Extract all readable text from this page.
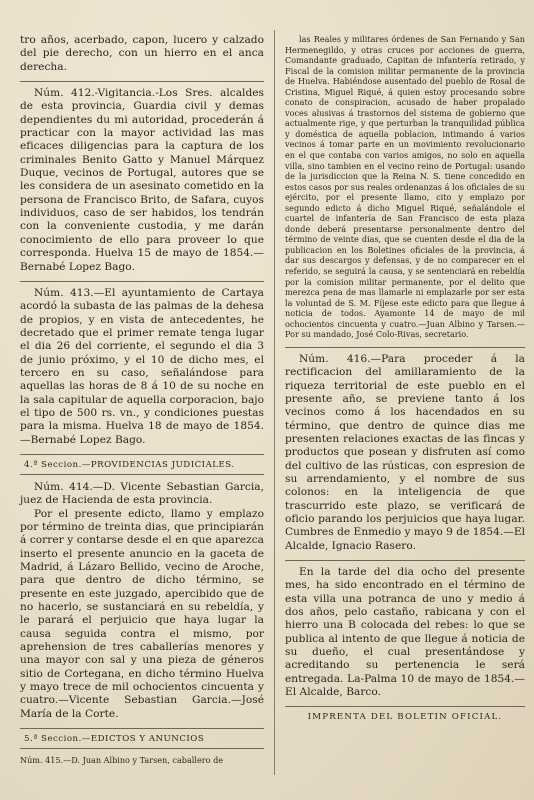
tro años, acerbado, capon, lucero y calzado del pie derecho, con un hierro en el anca derecha.

Núm. 412.-Vigitancia.-Los Sres. alcaldes de esta provincia, Guardia civil y demas dependientes du mi autoridad, procederán á practicar con la mayor actividad las mas eficaces diligencias para la captura de los criminales Benito Gatto y Manuel Márquez Duque, vecinos de Portugal, autores que se les considera de un asesinato cometido en la persona de Francisco Brito, de Safara, cuyos individuos, caso de ser habidos, los tendrán con la conveniente custodia, y me darán conocimiento de ello para proveer lo que corresponda. Huelva 15 de mayo de 1854.—Bernabé Lopez Bago.

Núm. 413.—El ayuntamiento de Cartaya acordó la subasta de las palmas de la dehesa de propios, y en vista de antecedentes, he decretado que el primer remate tenga lugar el dia 26 del corriente, el segundo el dia 3 de junio próximo, y el 10 de dicho mes, el tercero en su caso, señalándose para aquellas las horas de 8 á 10 de su noche en la sala capitular de aquella corporacion, bajo el tipo de 500 rs. vn., y condiciones puestas para la misma. Huelva 18 de mayo de 1854.—Bernabé Lopez Bago.

4.ª Seccion.—PROVIDENCIAS JUDICIALES.

Núm. 414.—D. Vicente Sebastian Garcia, juez de Hacienda de esta provincia.

Por el presente edicto, llamo y emplazo por término de treinta dias, que principiarán á correr y contarse desde el en que aparezca inserto el presente anuncio en la gaceta de Madrid, á Lázaro Bellido, vecino de Aroche, para que dentro de dicho término, se presente en este juzgado, apercibido que de no hacerlo, se sustanciará en su rebeldía, y le parará el perjuicio que haya lugar la causa seguida contra el mismo, por aprehension de tres caballerías menores y una mayor con sal y una pieza de géneros sitio de Cortegana, en dicho término Huelva y mayo trece de mil ochocientos cincuenta y cuatro.—Vicente Sebastian Garcia.—José María de la Corte.

5.ª Seccion.—EDICTOS Y ANUNCIOS

Núm. 415.—D. Juan Albino y Tarsen, caballero de

las Reales y militares órdenes de San Fernando y San Hermenegildo, y otras cruces por acciones de guerra, Comandante graduado, Capitan de infantería retirado, y Fiscal de la comision militar permanente de la provincia de Huelva. Habiéndose ausentado del pueblo de Rosal de Cristina, Miguel Riqué, á quien estoy procesando sobre conato de conspiracion, acusado de haber propalado voces alusivas á trastornos del sistema de gobierno que actualmente rige, y que perturban la tranquilidad pública y doméstica de aquella poblacion, intimando á varios vecinos á tomar parte en un movimiento revolucionario en el que contaba con varios amigos, no solo en aquella villa, sino tambien en el vecino reino de Portugal: usando de la jurisdiccion que la Reina N. S. tiene concedido en estos casos por sus reales ordenanzas á los oficiales de su ejército, por el presente llamo, cito y emplazo por segundo edicto á dicho Miguel Riqué, señalándole el cuartel de infantería de San Francisco de esta plaza donde deberá presentarse personalmente dentro del término de veinte dias, que se cuenten desde el dia de la publicacion en los Boletines oficiales de la provincia, á dar sus descargos y defensas, y de no comparecer en el referido, se seguirá la causa, y se sentenciará en rebeldía por la comision militar permanente, por el delito que merezca pena de mas llamarle ni emplazarle por ser esta la voluntad de S. M. Fíjese este edicto para que llegue á noticia de todos. Ayamonte 14 de mayo de mil ochocientos cincuenta y cuatro.—Juan Albino y Tarsen.—Por su mandado, José Colo-Rivas, secretario.

Núm. 416.—Para proceder á la rectificacion del amillaramiento de la riqueza territorial de este pueblo en el presente año, se previene tanto á los vecinos como á los hacendados en su término, que dentro de quince dias me presenten relaciones exactas de las fincas y productos que posean y disfruten así como del cultivo de las rústicas, con espresion de su arrendamiento, y el nombre de sus colonos: en la inteligencia de que trascurrido este plazo, se verificará de oficio parando los perjuicios que haya lugar. Cumbres de Enmedio y mayo 9 de 1854.—El Alcalde, Ignacio Rasero.

En la tarde del dia ocho del presente mes, ha sido encontrado en el término de esta villa una potranca de uno y medio á dos años, pelo castaño, rabicana y con el hierro una B colocada del rebes: lo que se publica al intento de que llegue á noticia de su dueño, el cual presentándose y acreditando su pertenencia le será entregada. La-Palma 10 de mayo de 1854.—El Alcalde, Barco.

IMPRENTA DEL BOLETIN OFICIAL.
